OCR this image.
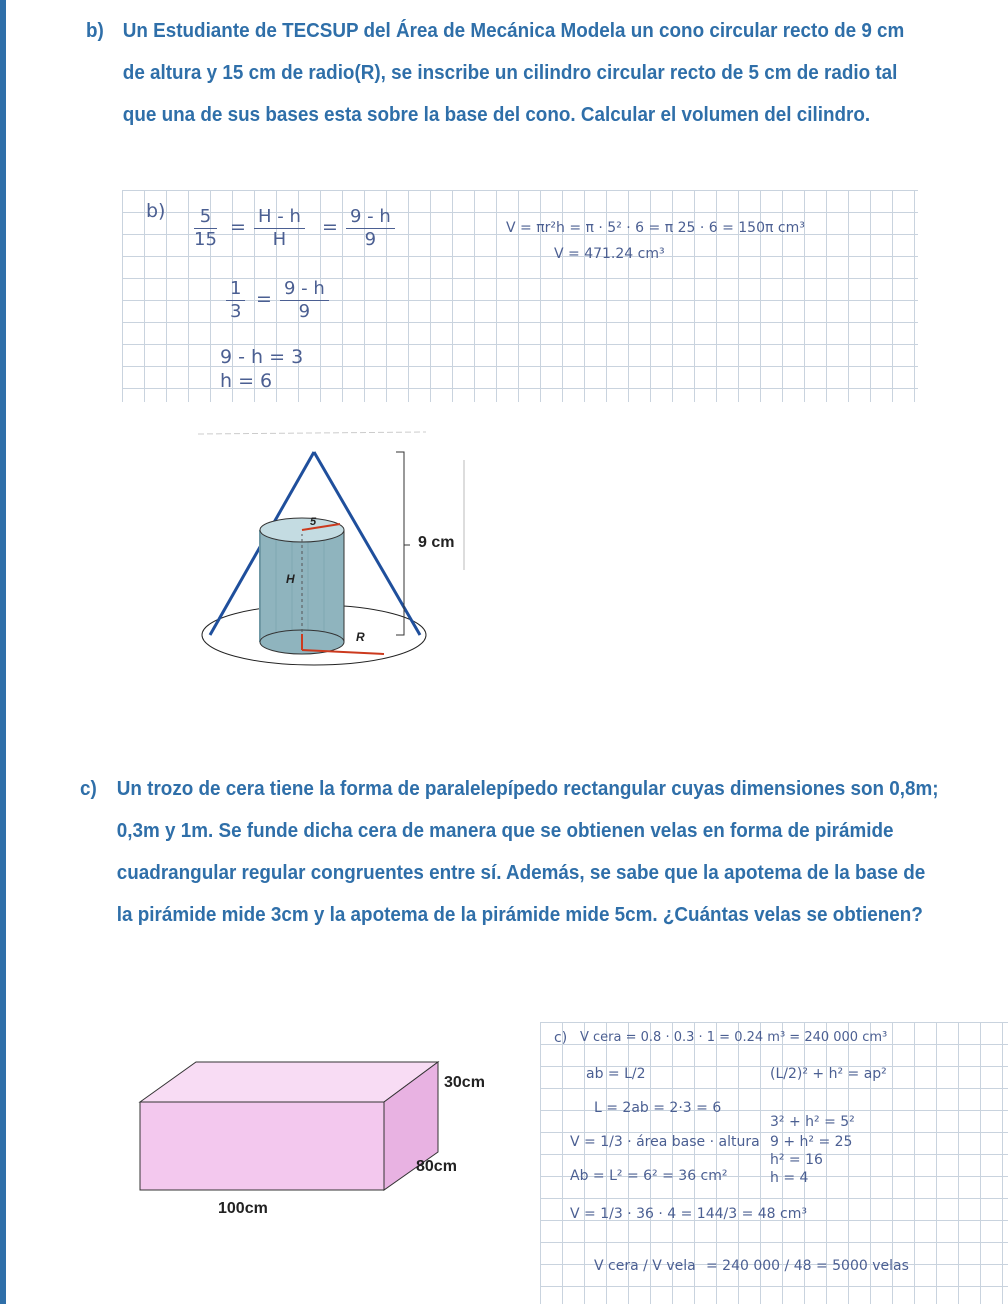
b) Un Estudiante de TECSUP del Área de Mecánica Modela un cono circular recto de 9 cm de altura y 15 cm de radio(R), se inscribe un cilindro circular recto de 5 cm de radio tal que una de sus bases esta sobre la base del cono. Calcular el volumen del cilindro.
$b) \frac{5}{15} = \frac{H - h}{H} = \frac{9 - h}{9}$
$\frac{1}{3} = \frac{9 - h}{9}$
9 - h = 3
h = 6
V = πr²h = π · 5² · 6 = π 25 · 6 = 150π cm³
V = 471.24 cm³
9 cm
5
H
R
c) Un trozo de cera tiene la forma de paralelepípedo rectangular cuyas dimensiones son 0,8m; 0,3m y 1m. Se funde dicha cera de manera que se obtienen velas en forma de pirámide cuadrangular regular congruentes entre sí. Además, se sabe que la apotema de la base de la pirámide mide 3cm y la apotema de la pirámide mide 5cm. ¿Cuántas velas se obtienen?
30cm
80cm
100cm
c) V cera = 0.8 · 0.3 · 1 = 0.24 m³ = 240 000 cm³
ab = L/2	(L/2)² + h² = ap²
L = 2ab = 2·3 = 6
3² + h² = 5²
V = 1/3 · área base · altura 9 + h² = 25
h² = 16
Ab = L² = 6² = 36 cm²	h = 4
V = 1/3 · 36 · 4 = 144/3 = 48 cm³
V cera / V vela = 240 000 / 48 = 5000 velas
